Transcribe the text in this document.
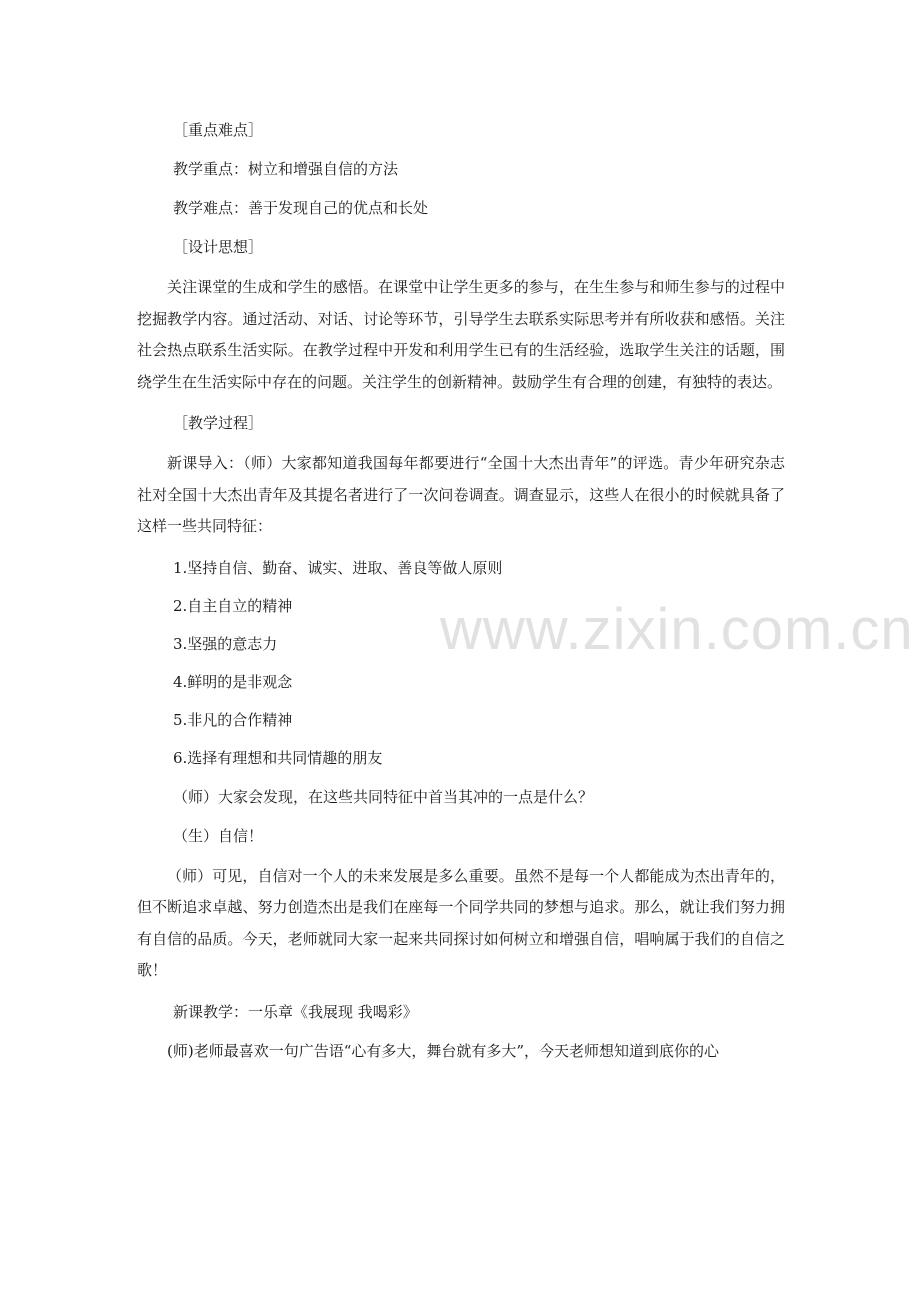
www.zixin.com.cn

［重点难点］

教学重点：树立和增强自信的方法

教学难点：善于发现自己的优点和长处

［设计思想］

关注课堂的生成和学生的感悟。在课堂中让学生更多的参与，在生生参与和师生参与的过程中挖掘教学内容。通过活动、对话、讨论等环节，引导学生去联系实际思考并有所收获和感悟。关注社会热点联系生活实际。在教学过程中开发和利用学生已有的生活经验，选取学生关注的话题，围绕学生在生活实际中存在的问题。关注学生的创新精神。鼓励学生有合理的创建，有独特的表达。

［教学过程］

新课导入：（师）大家都知道我国每年都要进行“全国十大杰出青年”的评选。青少年研究杂志社对全国十大杰出青年及其提名者进行了一次问卷调查。调查显示，这些人在很小的时候就具备了这样一些共同特征：

1.坚持自信、勤奋、诚实、进取、善良等做人原则

2.自主自立的精神

3.坚强的意志力

4.鲜明的是非观念

5.非凡的合作精神

6.选择有理想和共同情趣的朋友

（师）大家会发现，在这些共同特征中首当其冲的一点是什么？

（生）自信！

（师）可见，自信对一个人的未来发展是多么重要。虽然不是每一个人都能成为杰出青年的，但不断追求卓越、努力创造杰出是我们在座每一个同学共同的梦想与追求。那么，就让我们努力拥有自信的品质。今天，老师就同大家一起来共同探讨如何树立和增强自信，唱响属于我们的自信之歌！

新课教学：一乐章《我展现 我喝彩》

(师)老师最喜欢一句广告语“心有多大，舞台就有多大”，今天老师想知道到底你的心
